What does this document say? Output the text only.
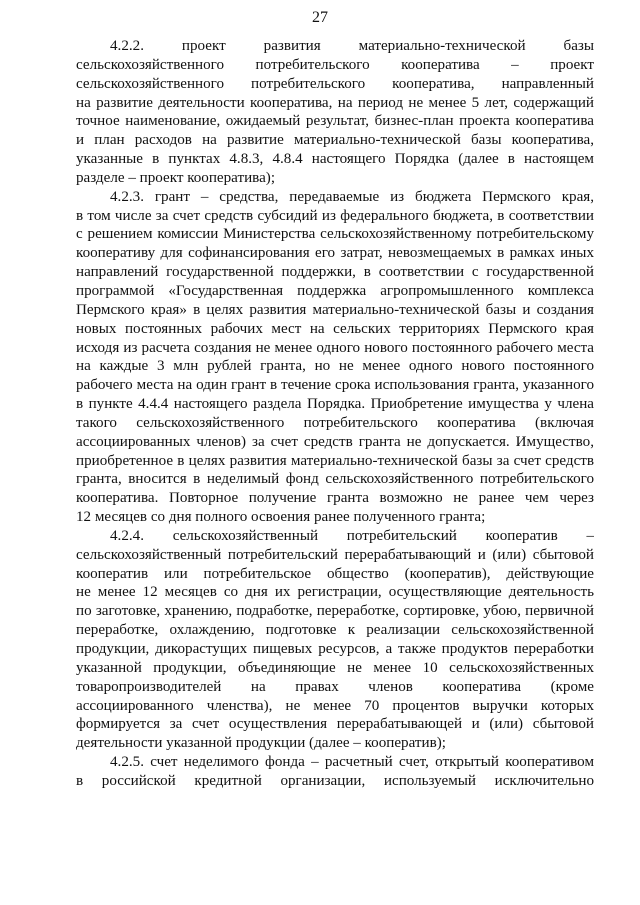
27
4.2.2. проект развития материально-технической базы
сельскохозяйственного потребительского кооператива – проект
сельскохозяйственного потребительского кооператива, направленный
на развитие деятельности кооператива, на период не менее 5 лет, содержащий
точное наименование, ожидаемый результат, бизнес-план проекта кооператива
и план расходов на развитие материально-технической базы кооператива,
указанные в пунктах 4.8.3, 4.8.4 настоящего Порядка (далее в настоящем
разделе – проект кооператива);
4.2.3. грант – средства, передаваемые из бюджета Пермского края,
в том числе за счет средств субсидий из федерального бюджета, в соответствии
с решением комиссии Министерства сельскохозяйственному потребительскому
кооперативу для софинансирования его затрат, невозмещаемых в рамках иных
направлений государственной поддержки, в соответствии с государственной
программой «Государственная поддержка агропромышленного комплекса
Пермского края» в целях развития материально-технической базы и создания
новых постоянных рабочих мест на сельских территориях Пермского края
исходя из расчета создания не менее одного нового постоянного рабочего места
на каждые 3 млн рублей гранта, но не менее одного нового постоянного
рабочего места на один грант в течение срока использования гранта, указанного
в пункте 4.4.4 настоящего раздела Порядка. Приобретение имущества у члена
такого сельскохозяйственного потребительского кооператива (включая
ассоциированных членов) за счет средств гранта не допускается. Имущество,
приобретенное в целях развития материально-технической базы за счет средств
гранта, вносится в неделимый фонд сельскохозяйственного потребительского
кооператива. Повторное получение гранта возможно не ранее чем через
12 месяцев со дня полного освоения ранее полученного гранта;
4.2.4. сельскохозяйственный потребительский кооператив –
сельскохозяйственный потребительский перерабатывающий и (или) сбытовой
кооператив или потребительское общество (кооператив), действующие
не менее 12 месяцев со дня их регистрации, осуществляющие деятельность
по заготовке, хранению, подработке, переработке, сортировке, убою, первичной
переработке, охлаждению, подготовке к реализации сельскохозяйственной
продукции, дикорастущих пищевых ресурсов, а также продуктов переработки
указанной продукции, объединяющие не менее 10 сельскохозяйственных
товаропроизводителей на правах членов кооператива (кроме
ассоциированного членства), не менее 70 процентов выручки которых
формируется за счет осуществления перерабатывающей и (или) сбытовой
деятельности указанной продукции (далее – кооператив);
4.2.5. счет неделимого фонда – расчетный счет, открытый кооперативом
в российской кредитной организации, используемый исключительно
